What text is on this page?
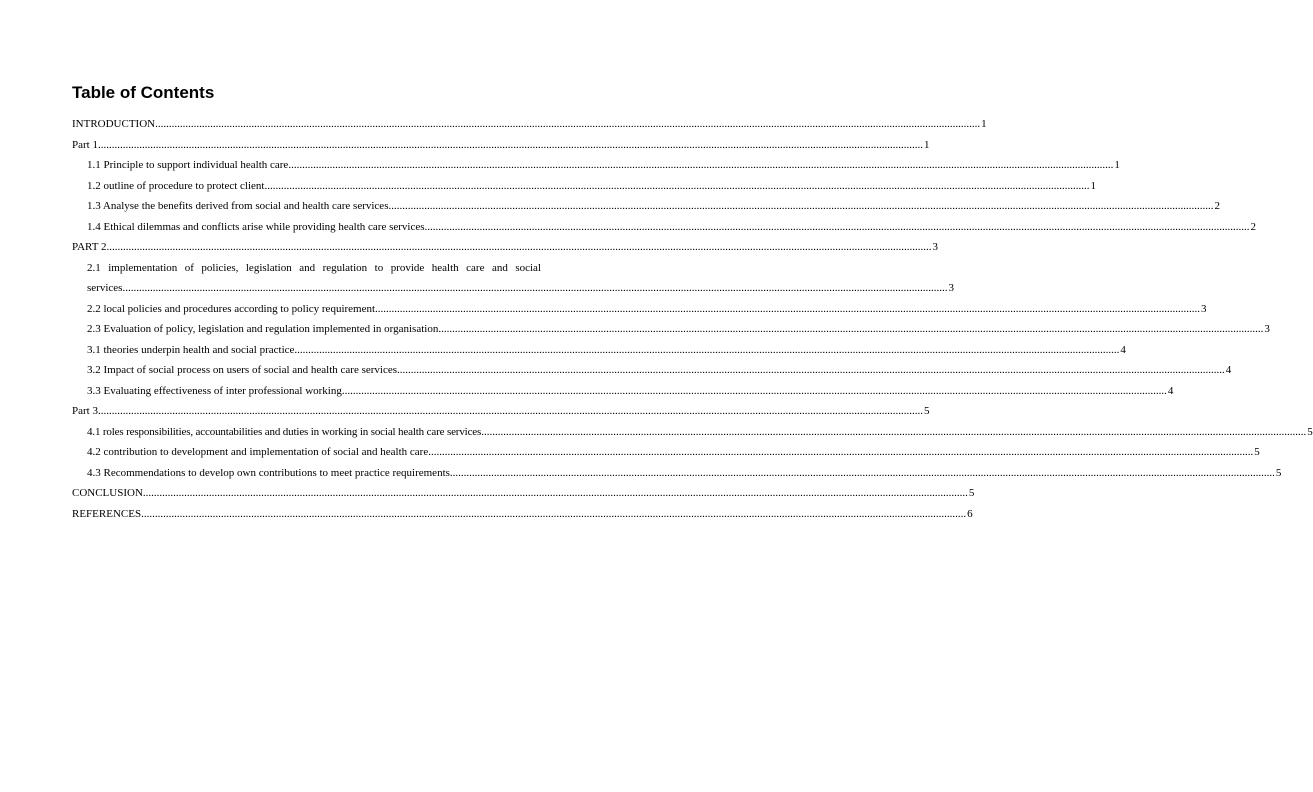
Table of Contents
INTRODUCTION ............................................................................................................................................................................................................................................................................................................ 1
Part 1 ............................................................................................................................................................................................................................................................................................................ 1
1.1 Principle to support individual health care ............................................................................................................................................................................................................................................................................................................ 1
1.2 outline of procedure to protect client ............................................................................................................................................................................................................................................................................................................ 1
1.3 Analyse the benefits derived from social and health care services ............................................................................................................................................................................................................................................................................................................ 2
1.4 Ethical dilemmas and conflicts arise while providing health care services ............................................................................................................................................................................................................................................................................................................ 2
PART 2 ............................................................................................................................................................................................................................................................................................................ 3
2.1 implementation of policies, legislation and regulation to provide health care and social
services ............................................................................................................................................................................................................................................................................................................ 3
2.2 local policies and procedures according to policy requirement ............................................................................................................................................................................................................................................................................................................ 3
2.3 Evaluation of policy, legislation and regulation implemented in organisation ............................................................................................................................................................................................................................................................................................................ 3
3.1 theories underpin health and social practice ............................................................................................................................................................................................................................................................................................................ 4
3.2 Impact of social process on users of social and health care services. ............................................................................................................................................................................................................................................................................................................ 4
3.3 Evaluating effectiveness of inter professional working ............................................................................................................................................................................................................................................................................................................ 4
Part 3 ............................................................................................................................................................................................................................................................................................................ 5
4.1 roles responsibilities, accountabilities and duties in working in social health care services ............................................................................................................................................................................................................................................................................................................ 5
4.2 contribution to development and implementation of social and health care ............................................................................................................................................................................................................................................................................................................ 5
4.3 Recommendations to develop own contributions to meet practice requirements ............................................................................................................................................................................................................................................................................................................ 5
CONCLUSION ............................................................................................................................................................................................................................................................................................................ 5
REFERENCES ............................................................................................................................................................................................................................................................................................................ 6
